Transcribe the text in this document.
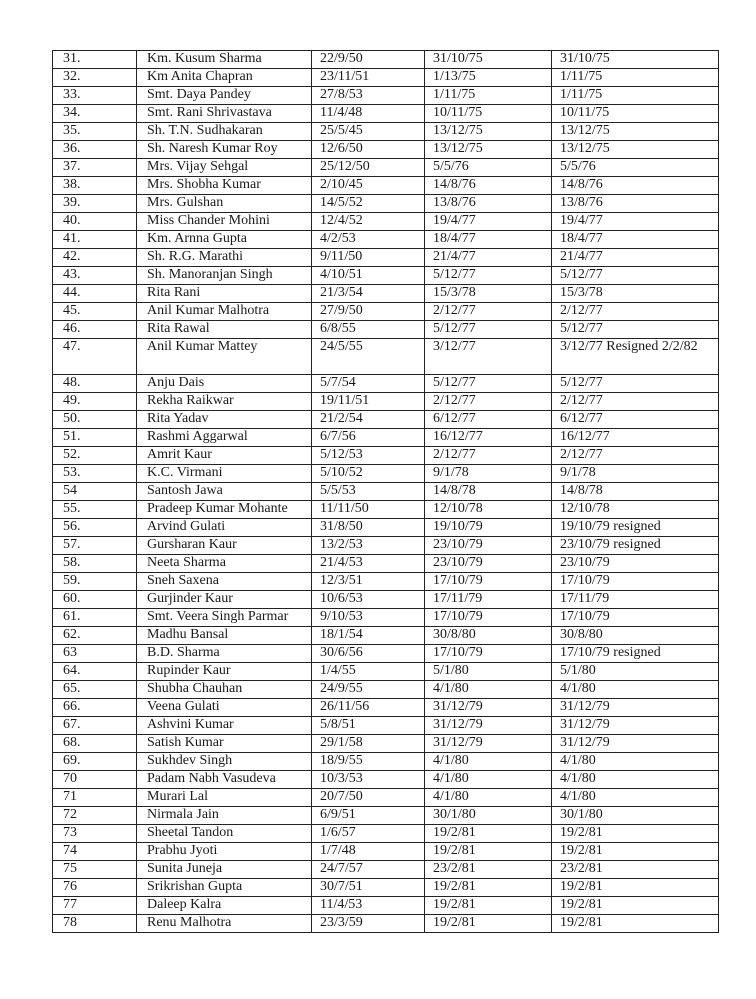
31.	Km. Kusum Sharma	22/9/50	31/10/75	31/10/75
32.	Km Anita Chapran	23/11/51	1/13/75	1/11/75
33.	Smt. Daya Pandey	27/8/53	1/11/75	1/11/75
34.	Smt. Rani Shrivastava	11/4/48	10/11/75	10/11/75
35.	Sh. T.N. Sudhakaran	25/5/45	13/12/75	13/12/75
36.	Sh. Naresh Kumar Roy	12/6/50	13/12/75	13/12/75
37.	Mrs. Vijay Sehgal	25/12/50	5/5/76	5/5/76
38.	Mrs. Shobha Kumar	2/10/45	14/8/76	14/8/76
39.	Mrs. Gulshan	14/5/52	13/8/76	13/8/76
40.	Miss Chander Mohini	12/4/52	19/4/77	19/4/77
41.	Km. Arnna Gupta	4/2/53	18/4/77	18/4/77
42.	Sh. R.G. Marathi	9/11/50	21/4/77	21/4/77
43.	Sh. Manoranjan Singh	4/10/51	5/12/77	5/12/77
44.	Rita Rani	21/3/54	15/3/78	15/3/78
45.	Anil Kumar Malhotra	27/9/50	2/12/77	2/12/77
46.	Rita Rawal	6/8/55	5/12/77	5/12/77
47.	Anil Kumar Mattey	24/5/55	3/12/77	3/12/77 Resigned 2/2/82
48.	Anju Dais	5/7/54	5/12/77	5/12/77
49.	Rekha Raikwar	19/11/51	2/12/77	2/12/77
50.	Rita Yadav	21/2/54	6/12/77	6/12/77
51.	Rashmi Aggarwal	6/7/56	16/12/77	16/12/77
52.	Amrit Kaur	5/12/53	2/12/77	2/12/77
53.	K.C. Virmani	5/10/52	9/1/78	9/1/78
54	Santosh Jawa	5/5/53	14/8/78	14/8/78
55.	Pradeep Kumar Mohante	11/11/50	12/10/78	12/10/78
56.	Arvind Gulati	31/8/50	19/10/79	19/10/79 resigned
57.	Gursharan Kaur	13/2/53	23/10/79	23/10/79 resigned
58.	Neeta Sharma	21/4/53	23/10/79	23/10/79
59.	Sneh Saxena	12/3/51	17/10/79	17/10/79
60.	Gurjinder Kaur	10/6/53	17/11/79	17/11/79
61.	Smt. Veera Singh Parmar	9/10/53	17/10/79	17/10/79
62.	Madhu Bansal	18/1/54	30/8/80	30/8/80
63	B.D. Sharma	30/6/56	17/10/79	17/10/79 resigned
64.	Rupinder Kaur	1/4/55	5/1/80	5/1/80
65.	Shubha Chauhan	24/9/55	4/1/80	4/1/80
66.	Veena Gulati	26/11/56	31/12/79	31/12/79
67.	Ashvini Kumar	5/8/51	31/12/79	31/12/79
68.	Satish Kumar	29/1/58	31/12/79	31/12/79
69.	Sukhdev Singh	18/9/55	4/1/80	4/1/80
70	Padam Nabh Vasudeva	10/3/53	4/1/80	4/1/80
71	Murari Lal	20/7/50	4/1/80	4/1/80
72	Nirmala Jain	6/9/51	30/1/80	30/1/80
73	Sheetal Tandon	1/6/57	19/2/81	19/2/81
74	Prabhu Jyoti	1/7/48	19/2/81	19/2/81
75	Sunita Juneja	24/7/57	23/2/81	23/2/81
76	Srikrishan Gupta	30/7/51	19/2/81	19/2/81
77	Daleep Kalra	11/4/53	19/2/81	19/2/81
78	Renu Malhotra	23/3/59	19/2/81	19/2/81
